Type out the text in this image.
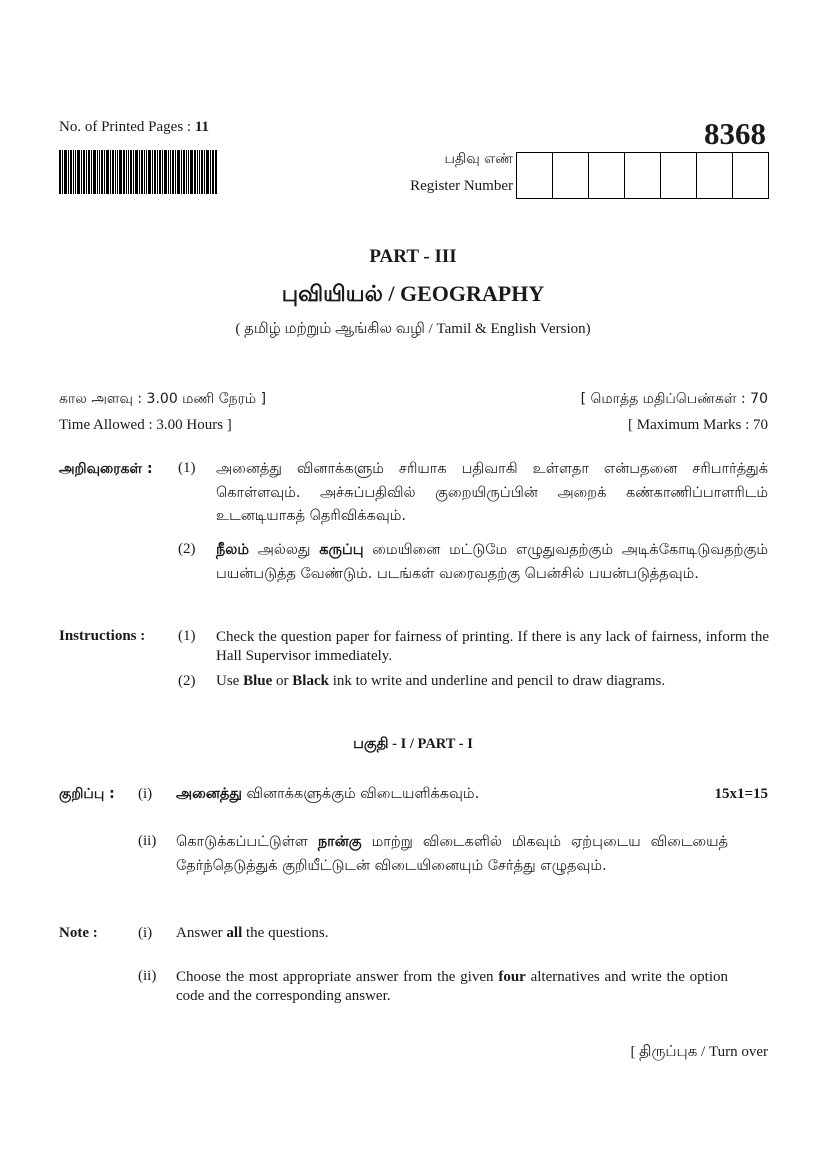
No. of Printed Pages : 11	8368
பதிவு எண்
Register Number
PART - III
புவியியல் / GEOGRAPHY
( தமிழ் மற்றும் ஆங்கில வழி / Tamil & English Version)
கால அளவு : 3.00 மணி நேரம் ]	[ மொத்த மதிப்பெண்கள் : 70
Time Allowed : 3.00 Hours ]	[ Maximum Marks : 70
அறிவுரைகள் : (1) அனைத்து வினாக்களும் சரியாக பதிவாகி உள்ளதா என்பதனை சரிபார்த்துக் கொள்ளவும். அச்சுப்பதிவில் குறையிருப்பின் அறைக் கண்காணிப்பாளரிடம் உடனடியாகத் தெரிவிக்கவும்.
(2) நீலம் அல்லது கருப்பு மையினை மட்டுமே எழுதுவதற்கும் அடிக்கோடிடுவதற்கும் பயன்படுத்த வேண்டும். படங்கள் வரைவதற்கு பென்சில் பயன்படுத்தவும்.
Instructions : (1) Check the question paper for fairness of printing. If there is any lack of fairness, inform the Hall Supervisor immediately.
(2) Use Blue or Black ink to write and underline and pencil to draw diagrams.
பகுதி - I / PART - I
குறிப்பு : (i) அனைத்து வினாக்களுக்கும் விடையளிக்கவும்.	15x1=15
(ii) கொடுக்கப்பட்டுள்ள நான்கு மாற்று விடைகளில் மிகவும் ஏற்புடைய விடையைத் தேர்ந்தெடுத்துக் குறியீட்டுடன் விடையினையும் சேர்த்து எழுதவும்.
Note :	(i) Answer all the questions.
(ii) Choose the most appropriate answer from the given four alternatives and write the option code and the corresponding answer.
[ திருப்புக / Turn over
